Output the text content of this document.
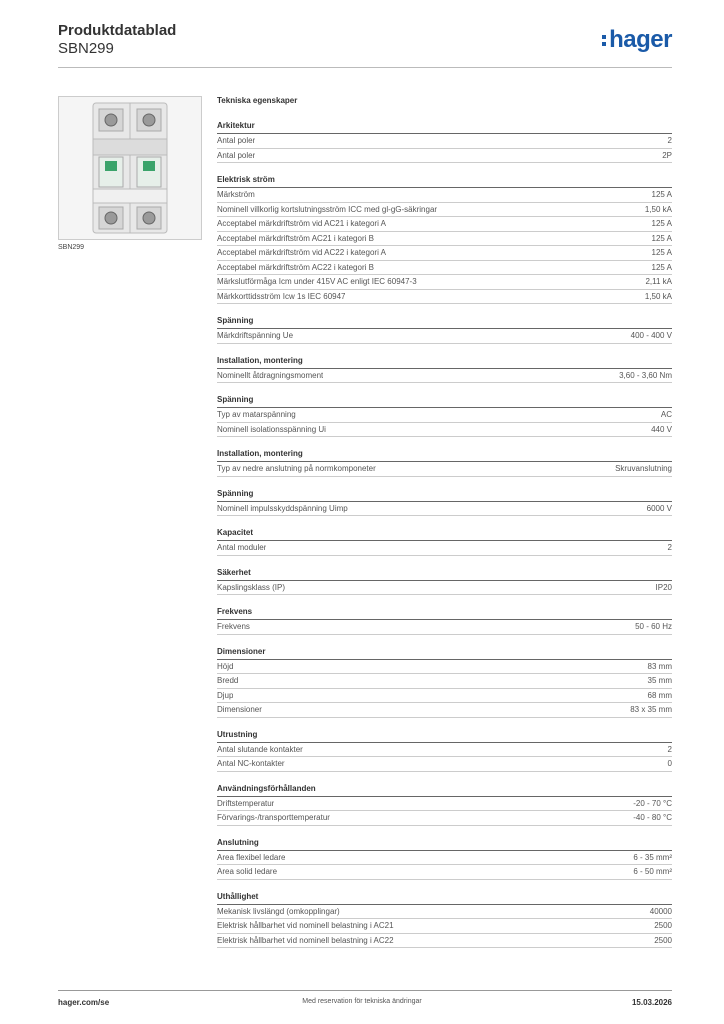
Produktdatablad
SBN299	hager
SBN299
Tekniska egenskaper
Arkitektur
Antal poler	2
Antal poler	2P
Elektrisk ström
Märkström	125 A
Nominell villkorlig kortslutningsström ICC med gl-gG-säkringar	1,50 kA
Acceptabel märkdriftström vid AC21 i kategori A	125 A
Acceptabel märkdriftström AC21 i kategori B	125 A
Acceptabel märkdriftström vid AC22 i kategori A	125 A
Acceptabel märkdriftström AC22 i kategori B	125 A
Märkslutförmåga Icm under 415V AC enligt IEC 60947-3	2,11 kA
Märkkorttidsström Icw 1s IEC 60947	1,50 kA
Spänning
Märkdriftspänning Ue	400 - 400 V
Installation, montering
Nominellt åtdragningsmoment	3,60 - 3,60 Nm
Spänning
Typ av matarspänning	AC
Nominell isolationsspänning Ui	440 V
Installation, montering
Typ av nedre anslutning på normkomponeter	Skruvanslutning
Spänning
Nominell impulsskyddspänning Uimp	6000 V
Kapacitet
Antal moduler	2
Säkerhet
Kapslingsklass (IP)	IP20
Frekvens
Frekvens	50 - 60 Hz
Dimensioner
Höjd	83 mm
Bredd	35 mm
Djup	68 mm
Dimensioner	83 x 35 mm
Utrustning
Antal slutande kontakter	2
Antal NC-kontakter	0
Användningsförhållanden
Driftstemperatur	-20 - 70 °C
Förvarings-/transporttemperatur	-40 - 80 °C
Anslutning
Area flexibel ledare	6 - 35 mm²
Area solid ledare	6 - 50 mm²
Uthållighet
Mekanisk livslängd (omkopplingar)	40000
Elektrisk hållbarhet vid nominell belastning i AC21	2500
Elektrisk hållbarhet vid nominell belastning i AC22	2500
hager.com/se	Med reservation för tekniska ändringar	15.03.2026
